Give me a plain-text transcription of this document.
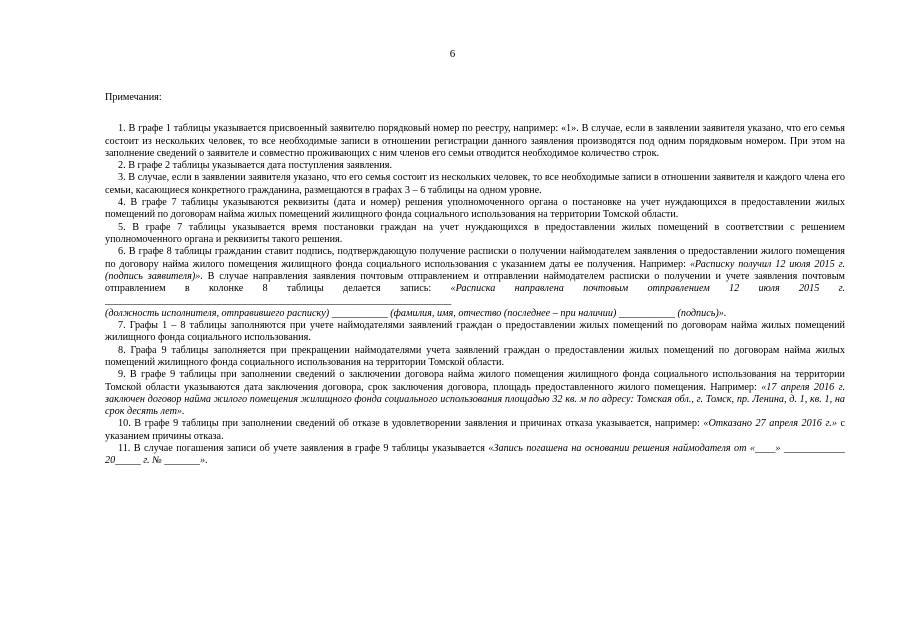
6

Примечания:

1. В графе 1 таблицы указывается присвоенный заявителю порядковый номер по реестру, например: «1». В случае, если в заявлении заявителя указано, что его семья состоит из нескольких человек, то все необходимые записи в отношении регистрации данного заявления производятся под одним порядковым номером. При этом на заполнение сведений о заявителе и совместно проживающих с ним членов его семьи отводится необходимое количество строк.

2. В графе 2 таблицы указывается дата поступления заявления.

3. В случае, если в заявлении заявителя указано, что его семья состоит из нескольких человек, то все необходимые записи в отношении заявителя и каждого члена его семьи, касающиеся конкретного гражданина, размещаются в графах 3 – 6 таблицы на одном уровне.

4. В графе 7 таблицы указываются реквизиты (дата и номер) решения уполномоченного органа о постановке на учет нуждающихся в предоставлении жилых помещений по договорам найма жилых помещений жилищного фонда социального использования на территории Томской области.

5. В графе 7 таблицы указывается время постановки граждан на учет нуждающихся в предоставлении жилых помещений в соответствии с решением уполномоченного органа и реквизиты такого решения.

6. В графе 8 таблицы гражданин ставит подпись, подтверждающую получение расписки о получении наймодателем заявления о предоставлении жилого помещения по договору найма жилого помещения жилищного фонда социального использования с указанием даты ее получения. Например: «Расписку получил 12 июля 2015 г. (подпись заявителя)». В случае направления заявления почтовым отправлением и отправлении наймодателем расписки о получении и учете заявления почтовым отправлением в колонке 8 таблицы делается запись: «Расписка направлена почтовым отправлением 12 июля 2015 г. ____________________________________________________________________

(должность исполнителя, отправившего расписку) ___________ (фамилия, имя, отчество (последнее – при наличии) ___________ (подпись)».

7. Графы 1 – 8 таблицы заполняются при учете наймодателями заявлений граждан о предоставлении жилых помещений по договорам найма жилых помещений жилищного фонда социального использования.

8. Графа 9 таблицы заполняется при прекращении наймодателями учета заявлений граждан о предоставлении жилых помещений по договорам найма жилых помещений жилищного фонда социального использования на территории Томской области.

9. В графе 9 таблицы при заполнении сведений о заключении договора найма жилого помещения жилищного фонда социального использования на территории Томской области указываются дата заключения договора, срок заключения договора, площадь предоставленного жилого помещения. Например: «17 апреля 2016 г. заключен договор найма жилого помещения жилищного фонда социального использования площадью 32 кв. м по адресу: Томская обл., г. Томск, пр. Ленина, д. 1, кв. 1, на срок десять лет».

10. В графе 9 таблицы при заполнении сведений об отказе в удовлетворении заявления и причинах отказа указывается, например: «Отказано 27 апреля 2016 г.» с указанием причины отказа.

11. В случае погашения записи об учете заявления в графе 9 таблицы указывается «Запись погашена на основании решения наймодателя от «____» ____________ 20_____ г. № _______».
